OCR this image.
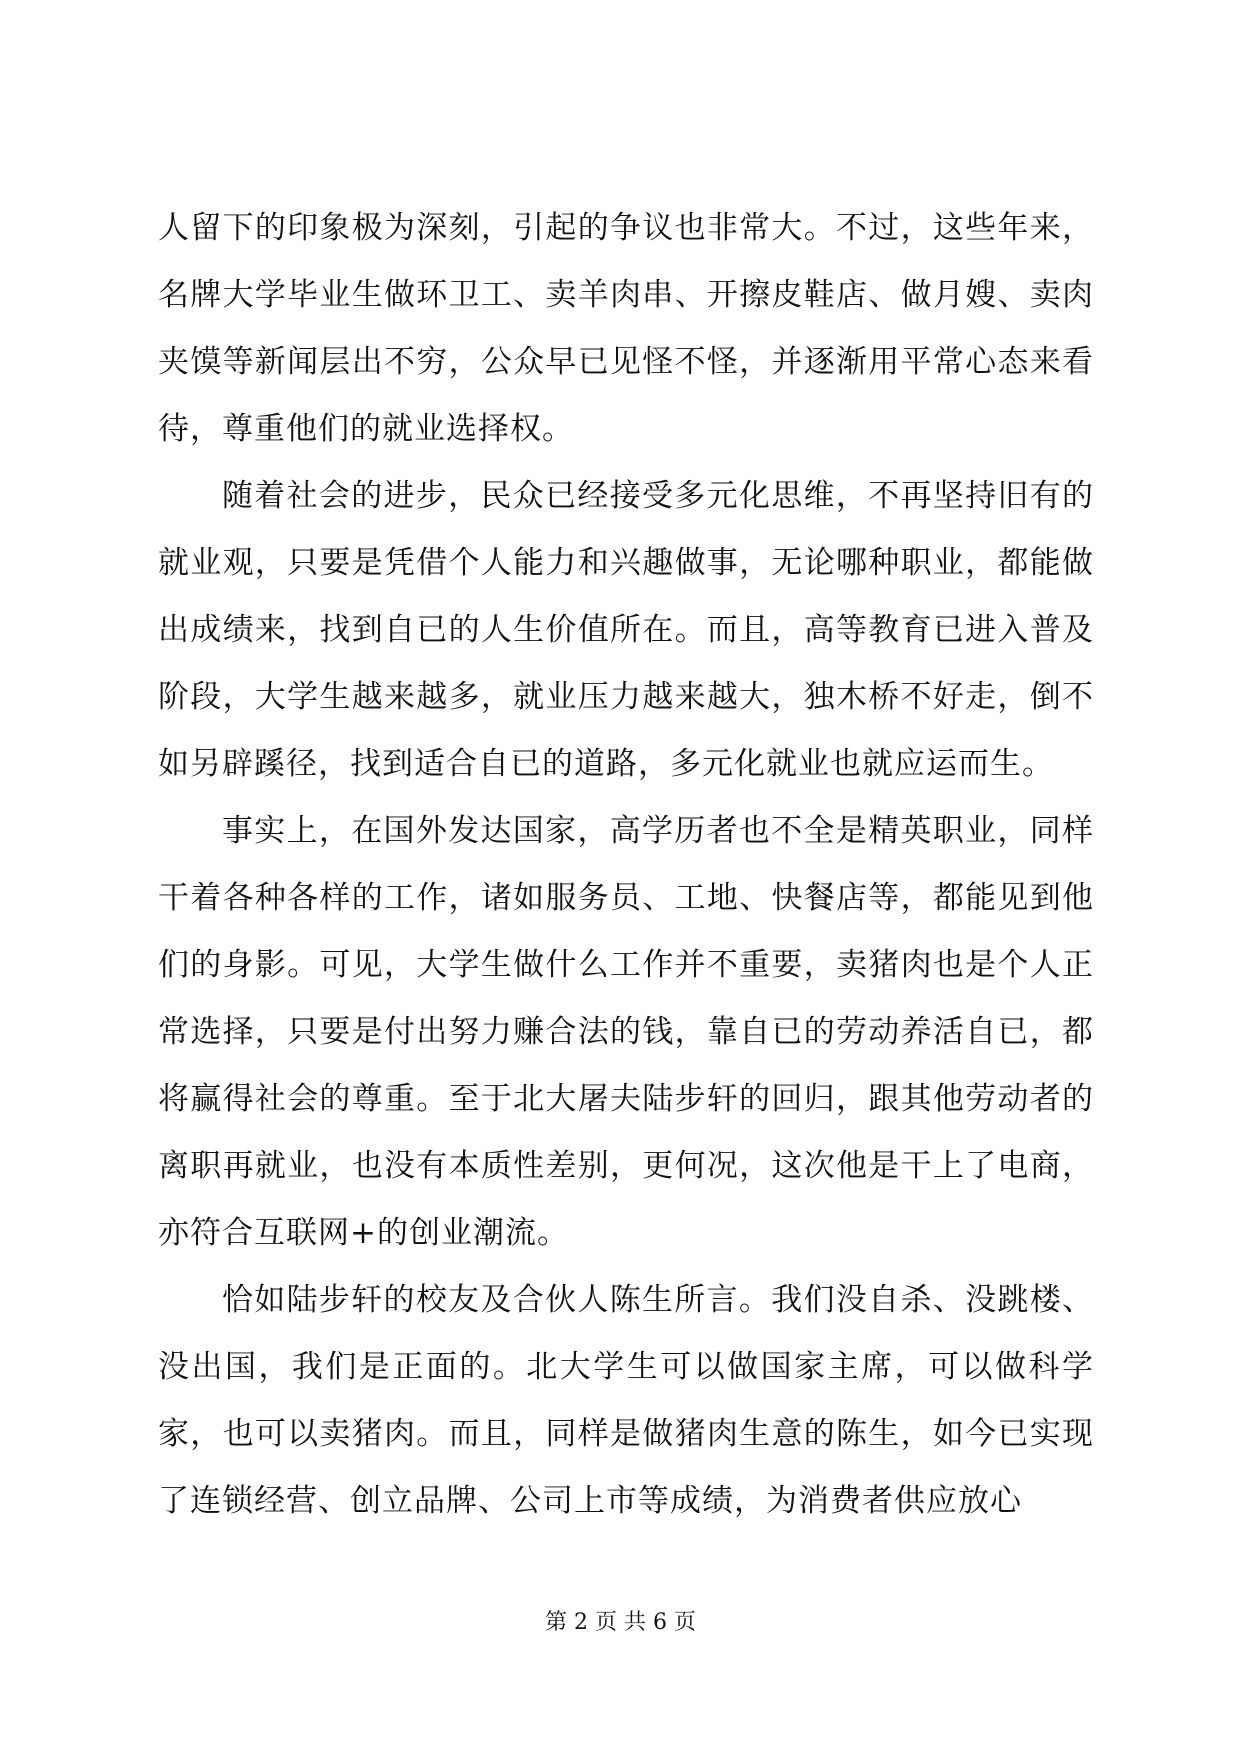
人留下的印象极为深刻，引起的争议也非常大。不过，这些年来，名牌大学毕业生做环卫工、卖羊肉串、开擦皮鞋店、做月嫂、卖肉夹馍等新闻层出不穷，公众早已见怪不怪，并逐渐用平常心态来看待，尊重他们的就业选择权。

随着社会的进步，民众已经接受多元化思维，不再坚持旧有的就业观，只要是凭借个人能力和兴趣做事，无论哪种职业，都能做出成绩来，找到自已的人生价值所在。而且，高等教育已进入普及阶段，大学生越来越多，就业压力越来越大，独木桥不好走，倒不如另辟蹊径，找到适合自已的道路，多元化就业也就应运而生。

事实上，在国外发达国家，高学历者也不全是精英职业，同样干着各种各样的工作，诸如服务员、工地、快餐店等，都能见到他们的身影。可见，大学生做什么工作并不重要，卖猪肉也是个人正常选择，只要是付出努力赚合法的钱，靠自已的劳动养活自已，都将赢得社会的尊重。至于北大屠夫陆步轩的回归，跟其他劳动者的离职再就业，也没有本质性差别，更何况，这次他是干上了电商，亦符合互联网+的创业潮流。

恰如陆步轩的校友及合伙人陈生所言。我们没自杀、没跳楼、没出国，我们是正面的。北大学生可以做国家主席，可以做科学家，也可以卖猪肉。而且，同样是做猪肉生意的陈生，如今已实现了连锁经营、创立品牌、公司上市等成绩，为消费者供应放心

第 2 页 共 6 页
